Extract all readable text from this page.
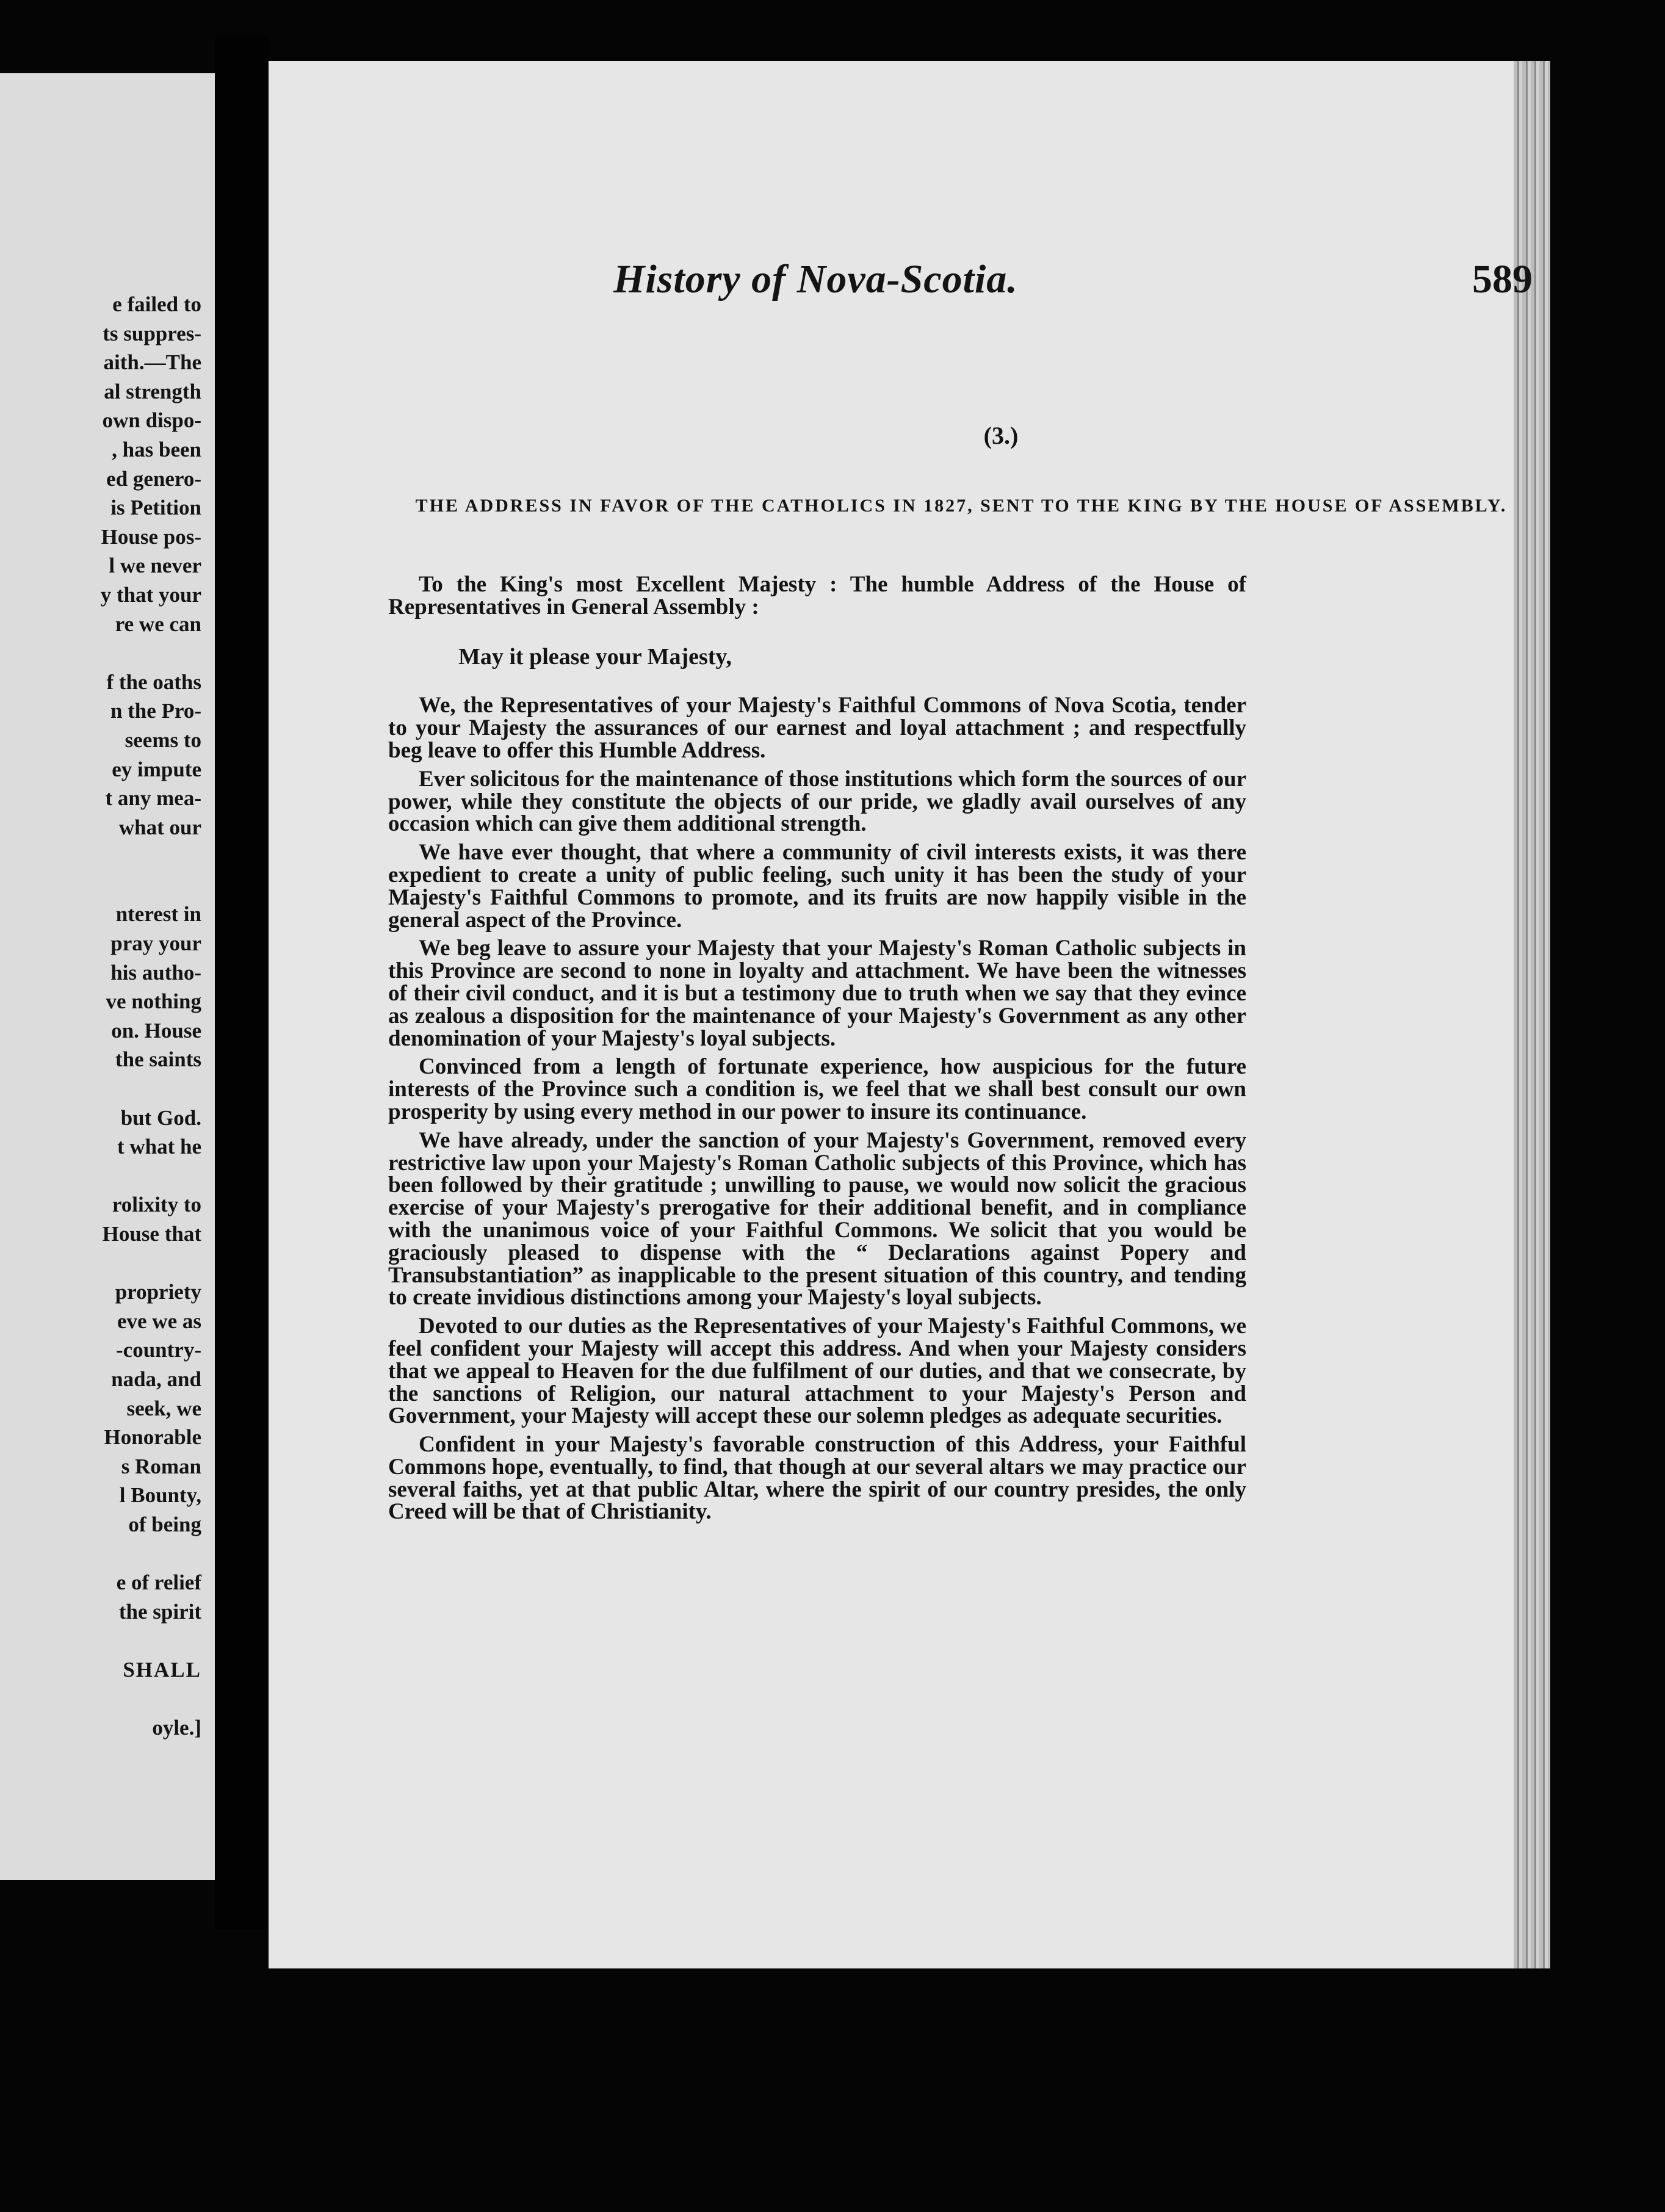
e failed to
ts suppres-
aith.—The
al strength
own dispo-
, has been
ed genero-
is Petition
House pos-
l we never
y that your
re we can
f the oaths
n the Pro-
seems to
ey impute
t any mea-
what our
nterest in
pray your
his autho-
ve nothing
on. House
the saints
but God.
t what he
rolixity to
House that
propriety
eve we as
-country-
nada, and
seek, we
Honorable
s Roman
l Bounty,
of being
e of relief
the spirit
SHALL
oyle.]
History of Nova-Scotia.	589
(3.)
THE ADDRESS IN FAVOR OF THE CATHOLICS IN 1827, SENT TO THE KING BY THE HOUSE OF ASSEMBLY.

To the King's most Excellent Majesty : The humble Address of the House of Representatives in General Assembly :

May it please your Majesty,

We, the Representatives of your Majesty's Faithful Commons of Nova Scotia, tender to your Majesty the assurances of our earnest and loyal attachment ; and respectfully beg leave to offer this Humble Address.

Ever solicitous for the maintenance of those institutions which form the sources of our power, while they constitute the objects of our pride, we gladly avail ourselves of any occasion which can give them additional strength.

We have ever thought, that where a community of civil interests exists, it was there expedient to create a unity of public feeling, such unity it has been the study of your Majesty's Faithful Commons to promote, and its fruits are now happily visible in the general aspect of the Province.

We beg leave to assure your Majesty that your Majesty's Roman Catholic subjects in this Province are second to none in loyalty and attachment. We have been the witnesses of their civil conduct, and it is but a testimony due to truth when we say that they evince as zealous a disposition for the maintenance of your Majesty's Government as any other denomination of your Majesty's loyal subjects.

Convinced from a length of fortunate experience, how auspicious for the future interests of the Province such a condition is, we feel that we shall best consult our own prosperity by using every method in our power to insure its continuance.

We have already, under the sanction of your Majesty's Government, removed every restrictive law upon your Majesty's Roman Catholic subjects of this Province, which has been followed by their gratitude ; unwilling to pause, we would now solicit the gracious exercise of your Majesty's prerogative for their additional benefit, and in compliance with the unanimous voice of your Faithful Commons. We solicit that you would be graciously pleased to dispense with the “ Declarations against Popery and Transubstantiation” as inapplicable to the present situation of this country, and tending to create invidious distinctions among your Majesty's loyal subjects.

Devoted to our duties as the Representatives of your Majesty's Faithful Commons, we feel confident your Majesty will accept this address. And when your Majesty considers that we appeal to Heaven for the due fulfilment of our duties, and that we consecrate, by the sanctions of Religion, our natural attachment to your Majesty's Person and Government, your Majesty will accept these our solemn pledges as adequate securities.

Confident in your Majesty's favorable construction of this Address, your Faithful Commons hope, eventually, to find, that though at our several altars we may practice our several faiths, yet at that public Altar, where the spirit of our country presides, the only Creed will be that of Christianity.
